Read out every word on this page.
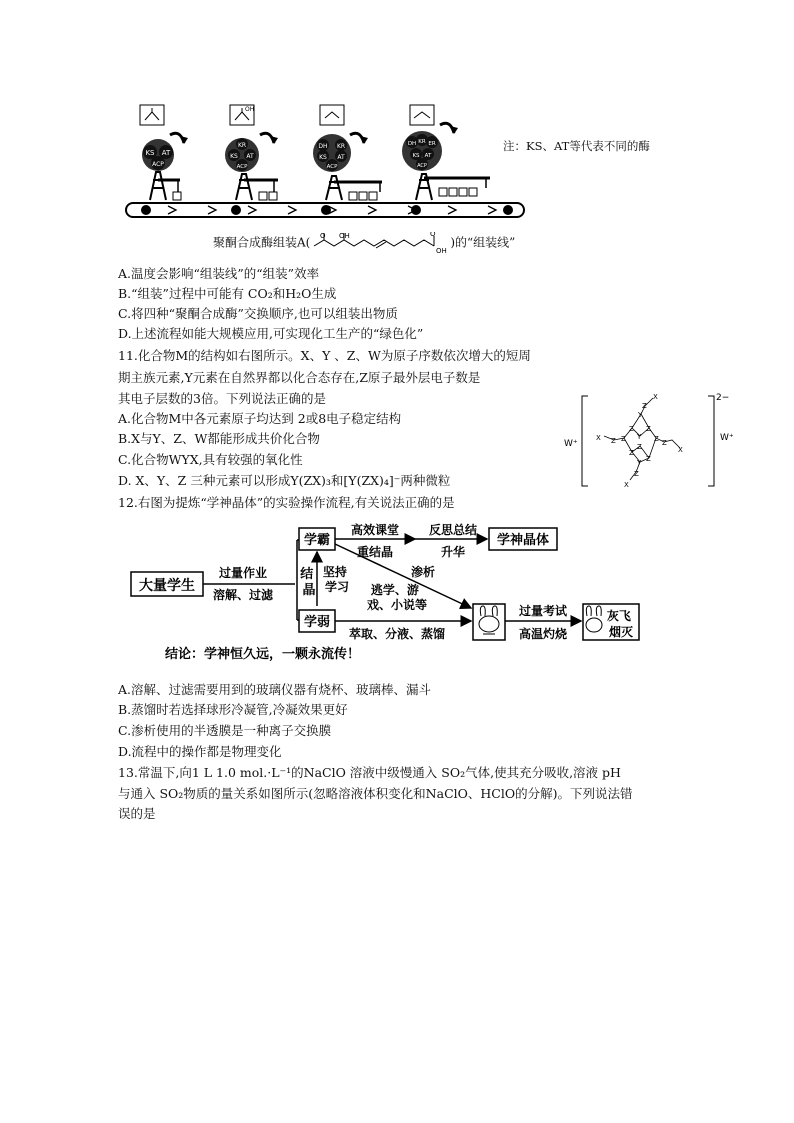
KS AT
ACP
OH
KR
KS AT
ACP
DH KR
KS AT
ACP
DH KR ER
KS AT
ACP
注：KS、AT等代表不同的酶
聚酮合成酶组装A( O OH	O
OH
)的“组装线”
A.温度会影响“组装线”的“组装”效率
B.“组装”过程中可能有 CO₂和H₂O生成
C.将四种“聚酮合成酶”交换顺序,也可以组装出物质
D.上述流程如能大规模应用,可实现化工生产的“绿色化”
11.化合物M的结构如右图所示。X、Y 、Z、W为原子序数依次增大的短周
期主族元素,Y元素在自然界都以化合态存在,Z原子最外层电子数是
其电子层数的3倍。下列说法正确的是
A.化合物M中各元素原子均达到 2或8电子稳定结构
B.X与Y、Z、W都能形成共价化合物
C.化合物WYX,具有较强的氧化性
D. X、Y、Z 三种元素可以形成Y(ZX)₃和[Y(ZX)₄]⁻两种微粒
2−
W⁺
W⁺
X
Z
Y
Z Z
Y
Z	Z
Z
X
Z
X
Z
Z
Z
Y
Z
X
12.右图为提炼“学神晶体”的实验操作流程,有关说法正确的是
大量学生
过量作业
溶解、过滤
结 晶
学霸
高效课堂
重结晶
反思总结
升华
学神晶体
坚持 学习
渗析
学弱
逃学、游 戏、小说等
萃取、分液、蒸馏
过量考试
高温灼烧
灰飞 烟灭
结论：学神恒久远，一颗永流传！
A.溶解、过滤需要用到的玻璃仪器有烧杯、玻璃棒、漏斗
B.蒸馏时若选择球形冷凝管,冷凝效果更好
C.渗析使用的半透膜是一种离子交换膜
D.流程中的操作都是物理变化
13.常温下,向1 L 1.0 mol.·L⁻¹的NaClO 溶液中级慢通入 SO₂气体,使其充分吸收,溶液 pH
与通入 SO₂物质的量关系如图所示(忽略溶液体积变化和NaClO、HClO的分解)。下列说法错
误的是
